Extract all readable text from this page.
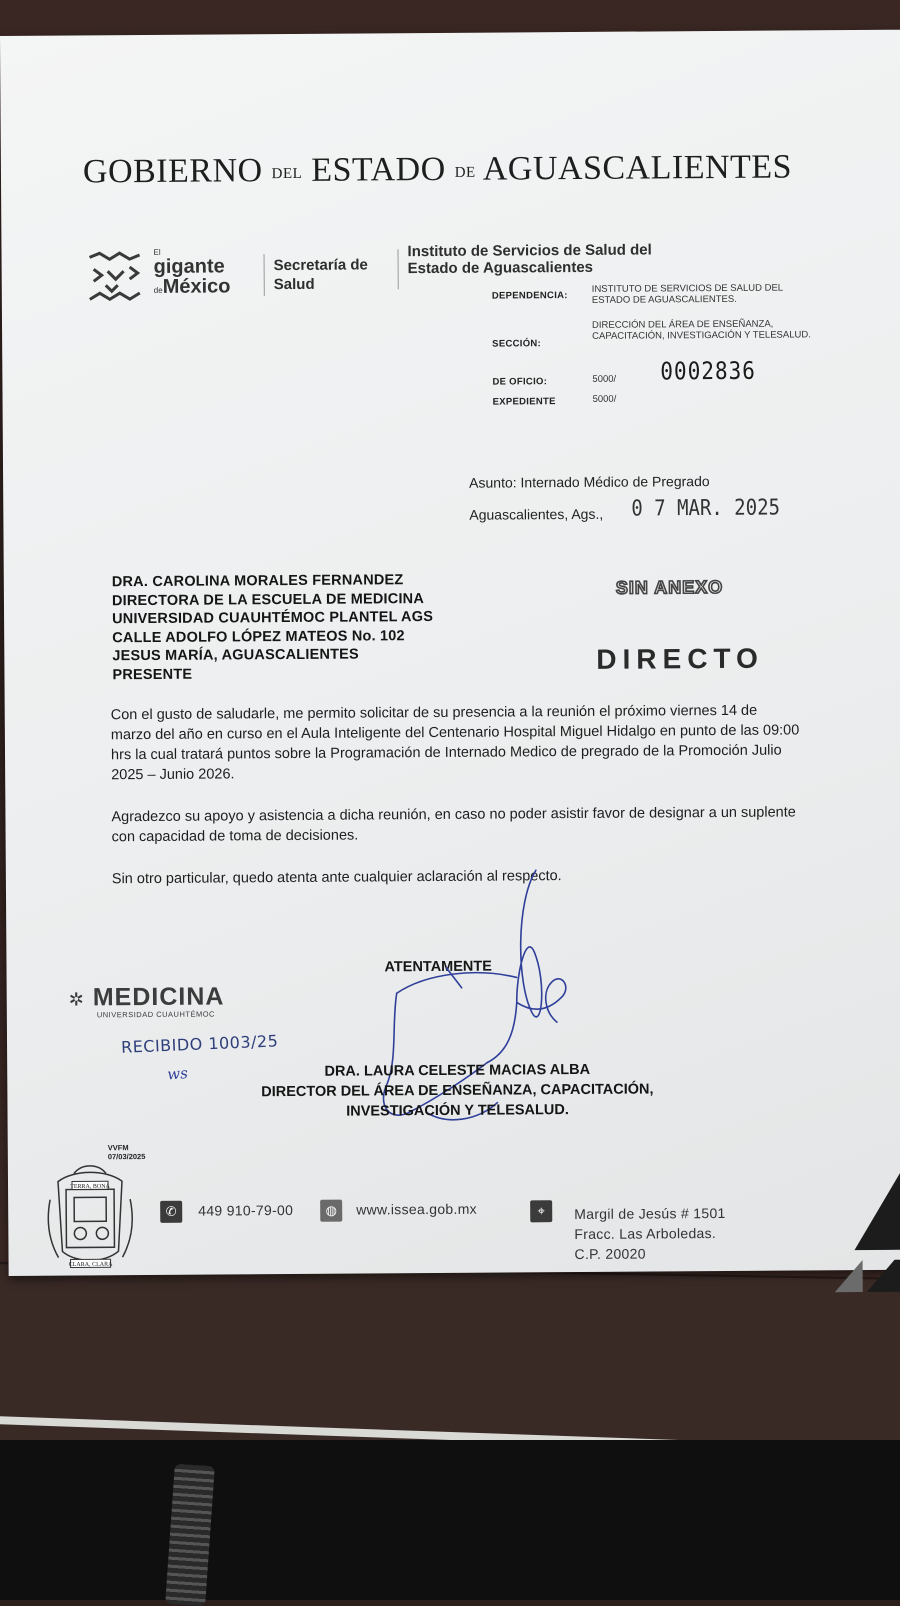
GOBIERNO DEL ESTADO DE AGUASCALIENTES
El
gigante
deMéxico
Secretaría de Salud
Instituto de Servicios de Salud del Estado de Aguascalientes
DEPENDENCIA:
INSTITUTO DE SERVICIOS DE SALUD DEL ESTADO DE AGUASCALIENTES.
SECCIÓN:
DIRECCIÓN DEL ÁREA DE ENSEÑANZA, CAPACITACIÓN, INVESTIGACIÓN Y TELESALUD.
DE OFICIO:	5000/
EXPEDIENTE	5000/
0002836
Asunto: Internado Médico de Pregrado
Aguascalientes, Ags., 0 7 MAR. 2025
DRA. CAROLINA MORALES FERNANDEZ
DIRECTORA DE LA ESCUELA DE MEDICINA
UNIVERSIDAD CUAUHTÉMOC PLANTEL AGS
CALLE ADOLFO LÓPEZ MATEOS No. 102
JESUS MARÍA, AGUASCALIENTES
PRESENTE
SIN ANEXO
DIRECTO
Con el gusto de saludarle, me permito solicitar de su presencia a la reunión el próximo viernes 14 de marzo del año en curso en el Aula Inteligente del Centenario Hospital Miguel Hidalgo en punto de las 09:00 hrs la cual tratará puntos sobre la Programación de Internado Medico de pregrado de la Promoción Julio 2025 – Junio 2026.
Agradezco su apoyo y asistencia a dicha reunión, en caso no poder asistir favor de designar a un suplente con capacidad de toma de decisiones.
Sin otro particular, quedo atenta ante cualquier aclaración al respecto.
ATENTAMENTE
DRA. LAURA CELESTE MACIAS ALBA
DIRECTOR DEL ÁREA DE ENSEÑANZA, CAPACITACIÓN,
INVESTIGACIÓN Y TELESALUD.
✲ MEDICINA
UNIVERSIDAD CUAUHTÉMOC
RECIBIDO 1003/25
ws
VVFM
07/03/2025
TERRA, BONA
CLARA, CLARA
✆	449 910-79-00	◍	www.issea.gob.mx	⌖	Margil de Jesús # 1501
Fracc. Las Arboledas.
C.P. 20020
